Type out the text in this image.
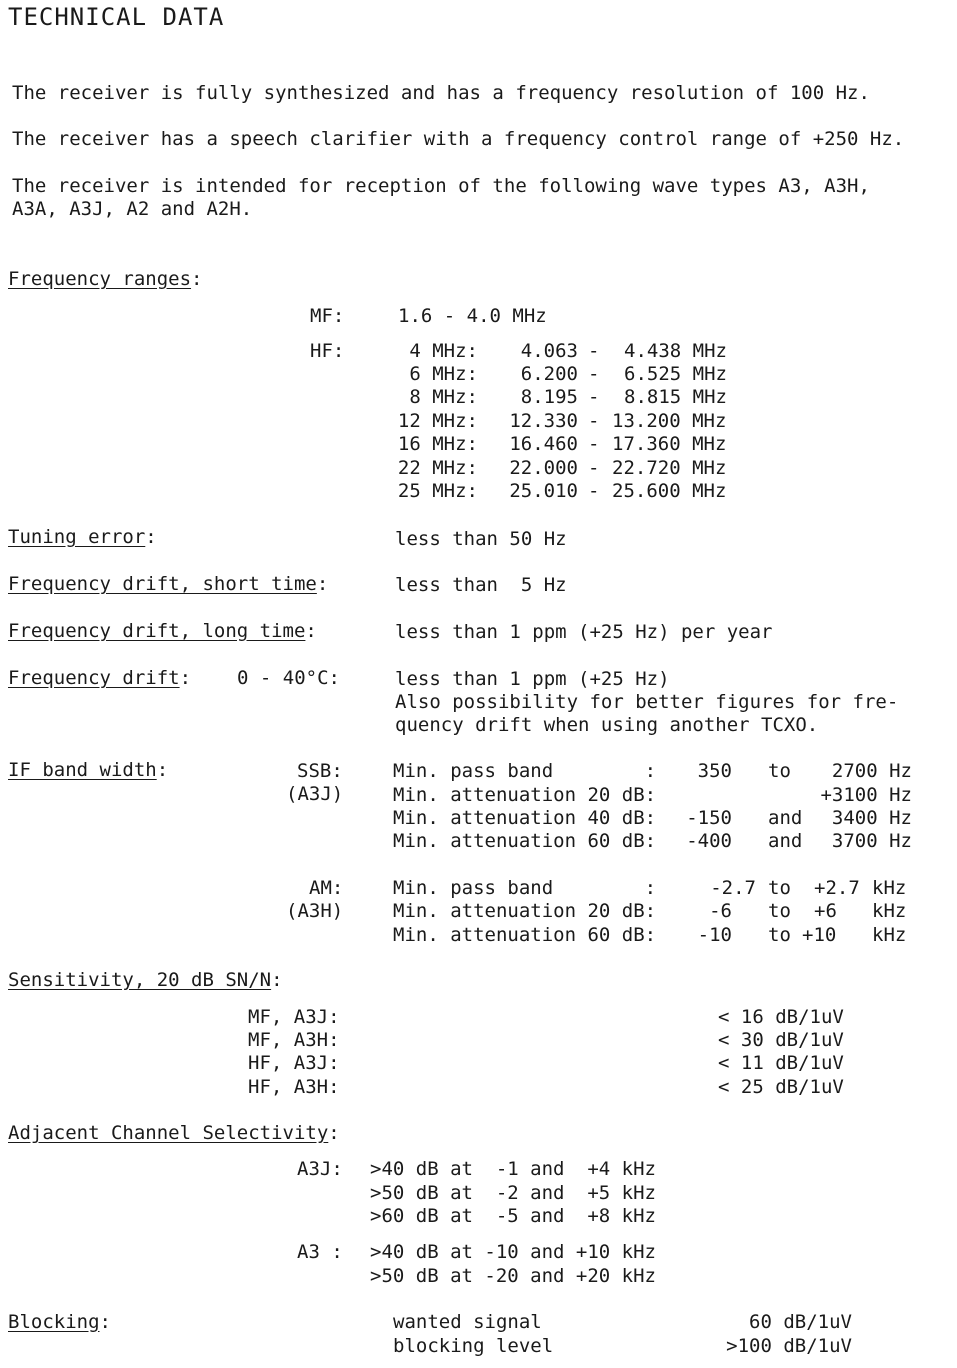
TECHNICAL DATA
The receiver is fully synthesized and has a frequency resolution of 100 Hz.
The receiver has a speech clarifier with a frequency control range of +250 Hz.
The receiver is intended for reception of the following wave types A3, A3H,
A3A, A3J, A2 and A2H.
Frequency ranges:
MF:	1.6 - 4.0 MHz
HF:	4 MHz:	4.063 - 4.438 MHz
6 MHz:	6.200 - 6.525 MHz
8 MHz:	8.195 - 8.815 MHz
12 MHz:	12.330 - 13.200 MHz
16 MHz:	16.460 - 17.360 MHz
22 MHz:	22.000 - 22.720 MHz
25 MHz:	25.010 - 25.600 MHz
Tuning error:	less than 50 Hz
Frequency drift, short time:	less than  5 Hz
Frequency drift, long time:	less than 1 ppm (+25 Hz) per year
Frequency drift: 0 - 40°C:	less than 1 ppm (+25 Hz)
Also possibility for better figures for fre-
quency drift when using another TCXO.
IF band width:	SSB:
(A3J)
Min. pass band        :	350 to	2700 Hz
Min. attenuation 20 dB:	+3100 Hz
Min. attenuation 40 dB:	-150 and	3400 Hz
Min. attenuation 60 dB:	-400 and	3700 Hz
AM:
(A3H)
Min. pass band        :	-2.7 to +2.7 kHz
Min. attenuation 20 dB:	-6 to +6 kHz
Min. attenuation 60 dB:	-10 to +10 kHz
Sensitivity, 20 dB SN/N:
MF, A3J:	< 16 dB/1uV
MF, A3H:	< 30 dB/1uV
HF, A3J:	< 11 dB/1uV
HF, A3H:	< 25 dB/1uV
Adjacent Channel Selectivity:
A3J: >40 dB at  -1 and  +4 kHz
>50 dB at  -2 and  +5 kHz
>60 dB at  -5 and  +8 kHz
A3 : >40 dB at -10 and +10 kHz
>50 dB at -20 and +20 kHz
Blocking:	wanted signal	60 dB/1uV
blocking level	>100 dB/1uV
